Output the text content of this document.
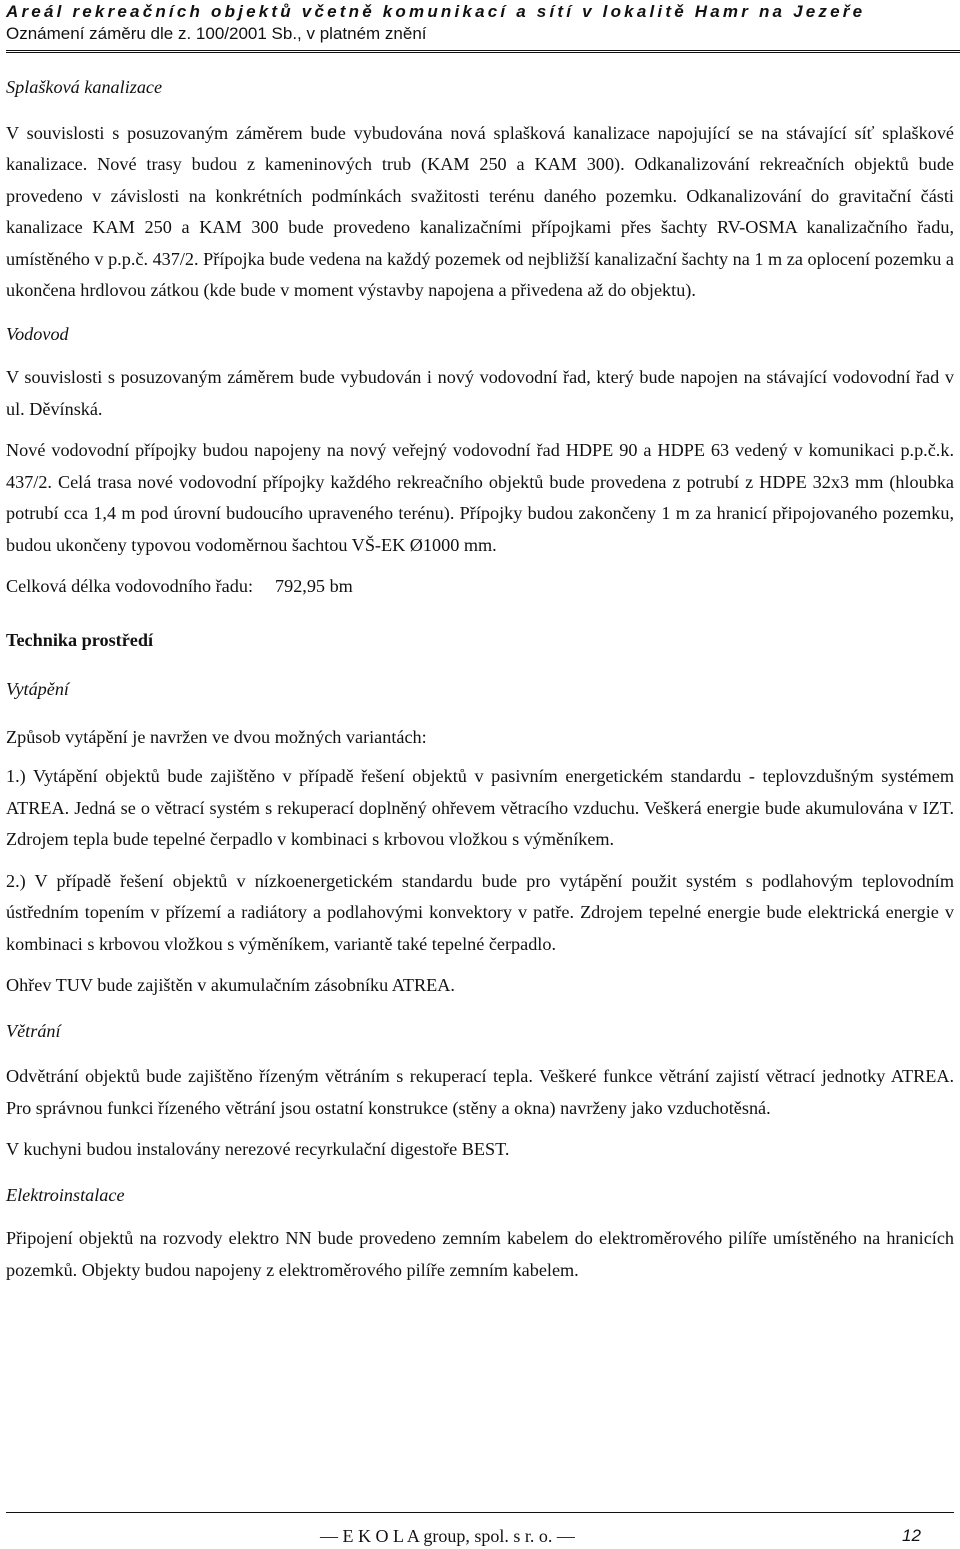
Areál rekreačních objektů včetně komunikací a sítí v lokalitě Hamr na Jezeře
Oznámení záměru dle z. 100/2001 Sb., v platném znění

Splašková kanalizace

V souvislosti s posuzovaným záměrem bude vybudována nová splašková kanalizace napojující se na stávající síť splaškové kanalizace. Nové trasy budou z kameninových trub (KAM 250 a KAM 300). Odkanalizování rekreačních objektů bude provedeno v závislosti na konkrétních podmínkách svažitosti terénu daného pozemku. Odkanalizování do gravitační části kanalizace KAM 250 a KAM 300 bude provedeno kanalizačními přípojkami přes šachty RV-OSMA kanalizačního řadu, umístěného v p.p.č. 437/2. Přípojka bude vedena na každý pozemek od nejbližší kanalizační šachty na 1 m za oplocení pozemku a ukončena hrdlovou zátkou (kde bude v moment výstavby napojena a přivedena až do objektu).

Vodovod

V souvislosti s posuzovaným záměrem bude vybudován i nový vodovodní řad, který bude napojen na stávající vodovodní řad v ul. Děvínská.

Nové vodovodní přípojky budou napojeny na nový veřejný vodovodní řad HDPE 90 a HDPE 63 vedený v komunikaci p.p.č.k. 437/2. Celá trasa nové vodovodní přípojky každého rekreačního objektů bude provedena z potrubí z HDPE 32x3 mm (hloubka potrubí cca 1,4 m pod úrovní budoucího upraveného terénu). Přípojky budou zakončeny 1 m za hranicí připojovaného pozemku, budou ukončeny typovou vodoměrnou šachtou VŠ-EK Ø1000 mm.

Celková délka vodovodního řadu: 792,95 bm

Technika prostředí

Vytápění

Způsob vytápění je navržen ve dvou možných variantách:

1.) Vytápění objektů bude zajištěno v případě řešení objektů v pasivním energetickém standardu - teplovzdušným systémem ATREA. Jedná se o větrací systém s rekuperací doplněný ohřevem větracího vzduchu. Veškerá energie bude akumulována v IZT. Zdrojem tepla bude tepelné čerpadlo v kombinaci s krbovou vložkou s výměníkem.

2.) V případě řešení objektů v nízkoenergetickém standardu bude pro vytápění použit systém s podlahovým teplovodním ústředním topením v přízemí a radiátory a podlahovými konvektory v patře. Zdrojem tepelné energie bude elektrická energie v kombinaci s krbovou vložkou s výměníkem, variantě také tepelné čerpadlo.

Ohřev TUV bude zajištěn v akumulačním zásobníku ATREA.

Větrání

Odvětrání objektů bude zajištěno řízeným větráním s rekuperací tepla. Veškeré funkce větrání zajistí větrací jednotky ATREA. Pro správnou funkci řízeného větrání jsou ostatní konstrukce (stěny a okna) navrženy jako vzduchotěsná.

V kuchyni budou instalovány nerezové recyrkulační digestoře BEST.

Elektroinstalace

Připojení objektů na rozvody elektro NN bude provedeno zemním kabelem do elektroměrového pilíře umístěného na hranicích pozemků. Objekty budou napojeny z elektroměrového pilíře zemním kabelem.

— E K O L A group, spol. s r. o. —	12
